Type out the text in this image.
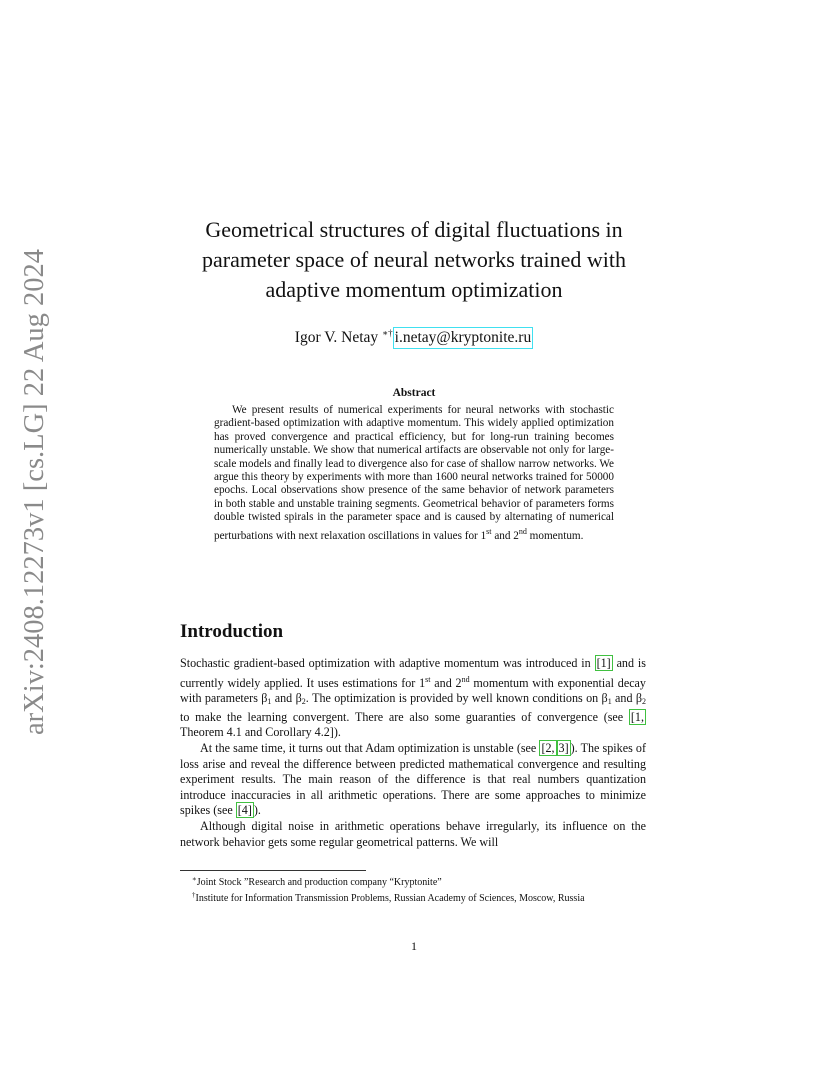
arXiv:2408.12273v1 [cs.LG] 22 Aug 2024
Geometrical structures of digital fluctuations in
parameter space of neural networks trained with
adaptive momentum optimization
Igor V. Netay ∗† i.netay@kryptonite.ru
Abstract
We present results of numerical experiments for neural networks with stochastic gradient-based optimization with adaptive momentum. This widely applied optimization has proved convergence and practical efficiency, but for long-run training becomes numerically unstable. We show that numerical artifacts are observable not only for large-scale models and finally lead to divergence also for case of shallow narrow networks. We argue this theory by experiments with more than 1600 neural networks trained for 50000 epochs. Local observations show presence of the same behavior of network parameters in both stable and unstable training segments. Geometrical behavior of parameters forms double twisted spirals in the parameter space and is caused by alternating of numerical perturbations with next relaxation oscillations in values for 1st and 2nd momentum.
Introduction

Stochastic gradient-based optimization with adaptive momentum was introduced in [1] and is currently widely applied. It uses estimations for 1st and 2nd momentum with exponential decay with parameters $\beta_1$ and $\beta_2$. The optimization is provided by well known conditions on $\beta_1$ and $\beta_2$ to make the learning convergent. There are also some guaranties of convergence (see [1, Theorem 4.1 and Corollary 4.2]).

At the same time, it turns out that Adam optimization is unstable (see [2, 3] ). The spikes of loss arise and reveal the difference between predicted mathematical convergence and resulting experiment results. The main reason of the difference is that real numbers quantization introduce inaccuracies in all arithmetic operations. There are some approaches to minimize spikes (see [4] ).

Although digital noise in arithmetic operations behave irregularly, its influence on the network behavior gets some regular geometrical patterns. We will

∗Joint Stock ”Research and production company “Kryptonite”
†Institute for Information Transmission Problems, Russian Academy of Sciences, Moscow, Russia
1
